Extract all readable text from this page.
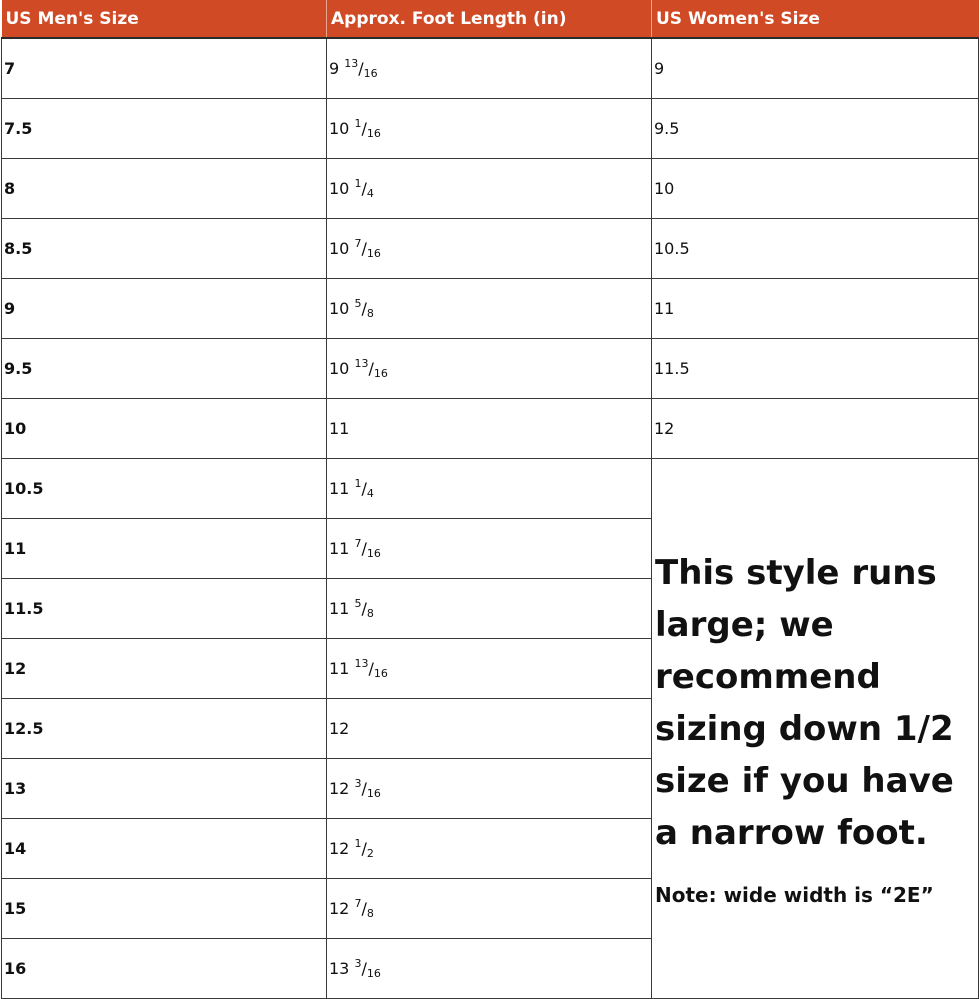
US Men's Size	Approx. Foot Length (in)	US Women's Size
7	9 $^{13}/_{16}$	9
7.5	10 $^1/_{16}$	9.5
8	10 $^1/_4$	10
8.5	10 $^7/_{16}$	10.5
9	10 $^5/_8$	11
9.5	10 $^{13}/_{16}$	11.5
10	11	12
10.5	11 $^1/_4$	This style runs large; we recommend sizing down 1/2 size if you have a narrow foot.

Note: wide width is “2E”

11	11 $^7/_{16}$
11.5	11 $^5/_8$
12	11 $^{13}/_{16}$
12.5	12	
13	12 $^3/_{16}$
14	12 $^1/_2$
15	12 $^7/_8$
16	13 $^3/_{16}$
